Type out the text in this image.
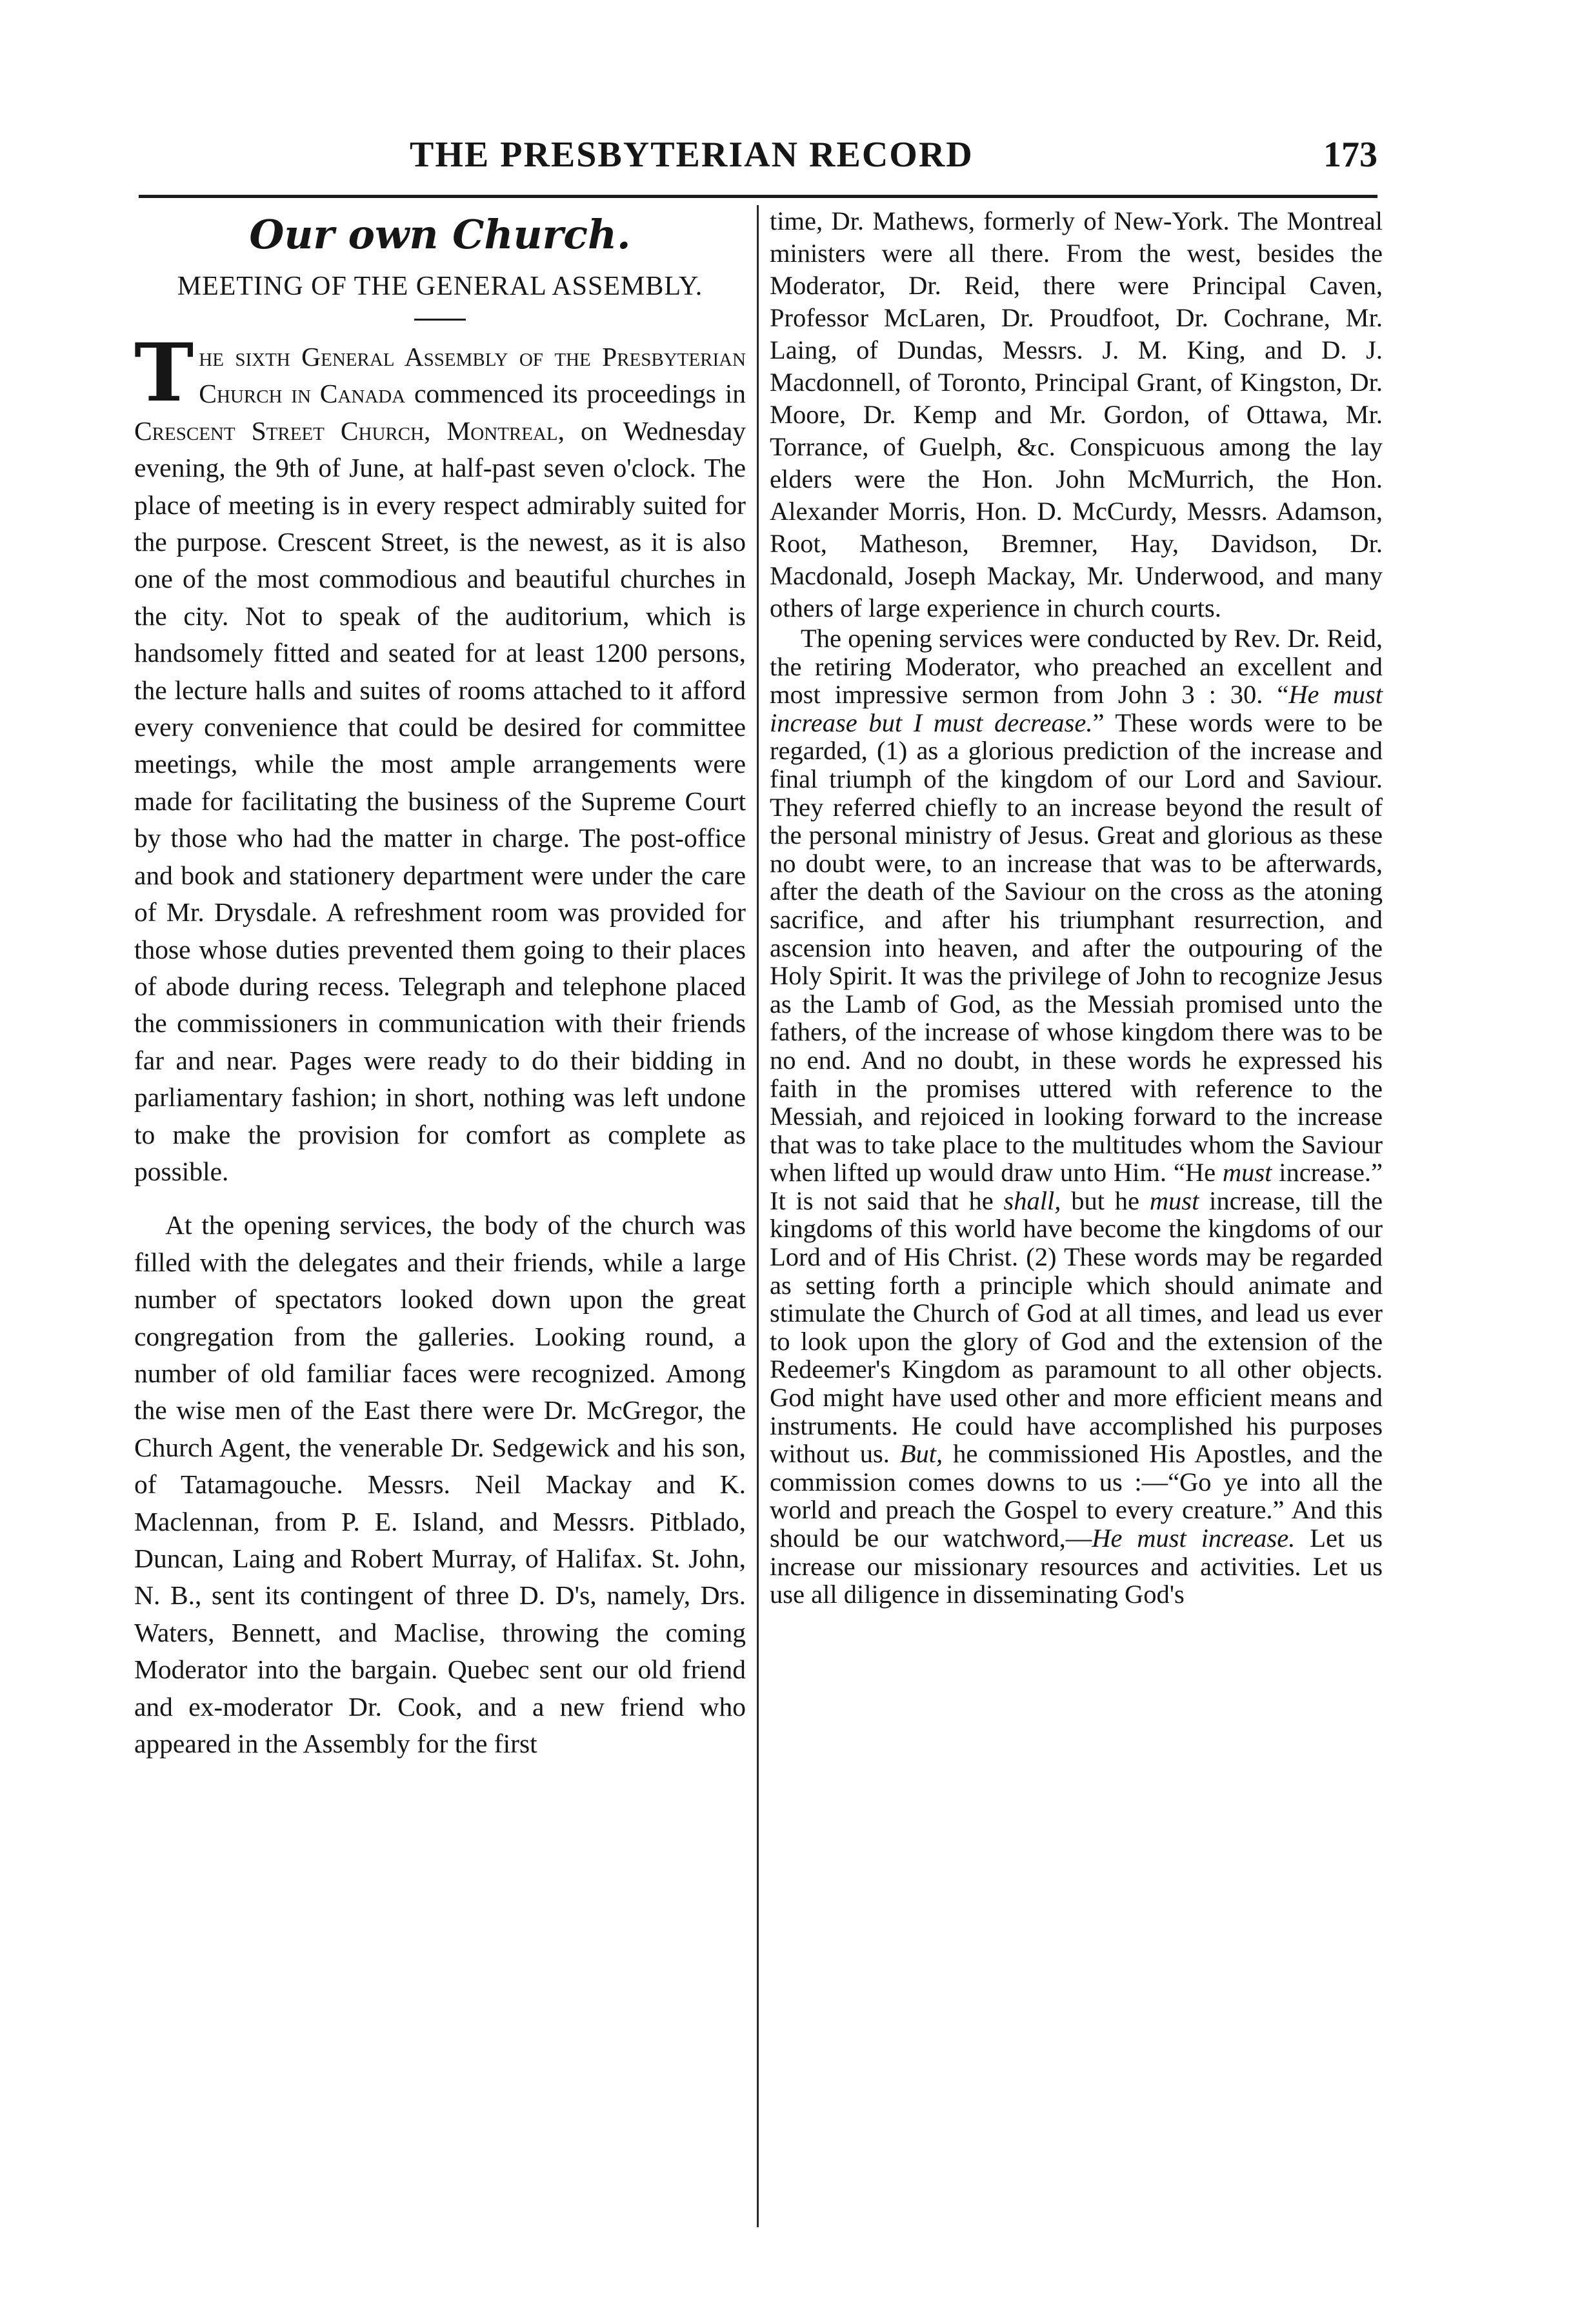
THE PRESBYTERIAN RECORD	173
Our own Church.
MEETING OF THE GENERAL ASSEMBLY.

The sixth General Assembly of the Presbyterian Church in Canada commenced its proceedings in Crescent Street Church, Montreal, on Wednesday evening, the 9th of June, at half-past seven o'clock. The place of meeting is in every respect admirably suited for the purpose. Crescent Street, is the newest, as it is also one of the most commodious and beautiful churches in the city. Not to speak of the auditorium, which is handsomely fitted and seated for at least 1200 persons, the lecture halls and suites of rooms attached to it afford every convenience that could be desired for committee meetings, while the most ample arrangements were made for facilitating the business of the Supreme Court by those who had the matter in charge. The post-office and book and stationery department were under the care of Mr. Drysdale. A refreshment room was provided for those whose duties prevented them going to their places of abode during recess. Telegraph and telephone placed the commissioners in communication with their friends far and near. Pages were ready to do their bidding in parliamentary fashion; in short, nothing was left undone to make the provision for comfort as complete as possible.

At the opening services, the body of the church was filled with the delegates and their friends, while a large number of spectators looked down upon the great congregation from the galleries. Looking round, a number of old familiar faces were recognized. Among the wise men of the East there were Dr. McGregor, the Church Agent, the venerable Dr. Sedgewick and his son, of Tatamagouche. Messrs. Neil Mackay and K. Maclennan, from P. E. Island, and Messrs. Pitblado, Duncan, Laing and Robert Murray, of Halifax. St. John, N. B., sent its contingent of three D. D's, namely, Drs. Waters, Bennett, and Maclise, throwing the coming Moderator into the bargain. Quebec sent our old friend and ex-moderator Dr. Cook, and a new friend who appeared in the Assembly for the first

time, Dr. Mathews, formerly of New-York. The Montreal ministers were all there. From the west, besides the Moderator, Dr. Reid, there were Principal Caven, Professor McLaren, Dr. Proudfoot, Dr. Cochrane, Mr. Laing, of Dundas, Messrs. J. M. King, and D. J. Macdonnell, of Toronto, Principal Grant, of Kingston, Dr. Moore, Dr. Kemp and Mr. Gordon, of Ottawa, Mr. Torrance, of Guelph, &c. Conspicuous among the lay elders were the Hon. John McMurrich, the Hon. Alexander Morris, Hon. D. McCurdy, Messrs. Adamson, Root, Matheson, Bremner, Hay, Davidson, Dr. Macdonald, Joseph Mackay, Mr. Underwood, and many others of large experience in church courts.

The opening services were conducted by Rev. Dr. Reid, the retiring Moderator, who preached an excellent and most impressive sermon from John 3 : 30. “He must increase but I must decrease.” These words were to be regarded, (1) as a glorious prediction of the increase and final triumph of the kingdom of our Lord and Saviour. They referred chiefly to an increase beyond the result of the personal ministry of Jesus. Great and glorious as these no doubt were, to an increase that was to be afterwards, after the death of the Saviour on the cross as the atoning sacrifice, and after his triumphant resurrection, and ascension into heaven, and after the outpouring of the Holy Spirit. It was the privilege of John to recognize Jesus as the Lamb of God, as the Messiah promised unto the fathers, of the increase of whose kingdom there was to be no end. And no doubt, in these words he expressed his faith in the promises uttered with reference to the Messiah, and rejoiced in looking forward to the increase that was to take place to the multitudes whom the Saviour when lifted up would draw unto Him. “He must increase.” It is not said that he shall, but he must increase, till the kingdoms of this world have become the kingdoms of our Lord and of His Christ. (2) These words may be regarded as setting forth a principle which should animate and stimulate the Church of God at all times, and lead us ever to look upon the glory of God and the extension of the Redeemer's Kingdom as paramount to all other objects. God might have used other and more efficient means and instruments. He could have accomplished his purposes without us. But, he commissioned His Apostles, and the commission comes downs to us :—“Go ye into all the world and preach the Gospel to every creature.” And this should be our watchword,—He must increase. Let us increase our missionary resources and activities. Let us use all diligence in disseminating God's
